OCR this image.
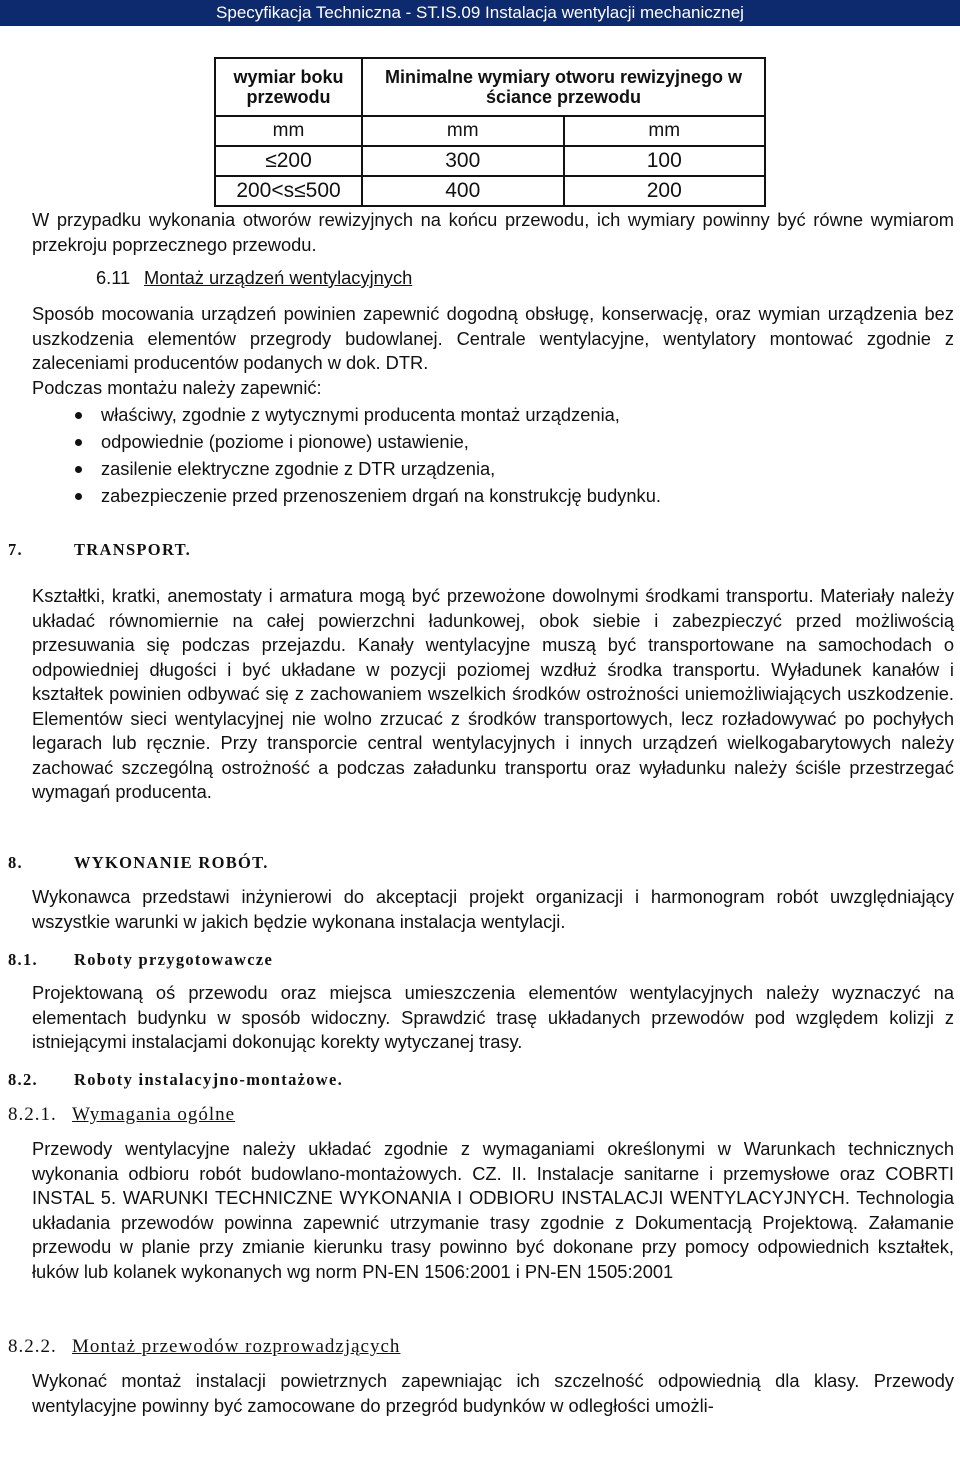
Specyfikacja Techniczna - ST.IS.09 Instalacja wentylacji mechanicznej
wymiar boku przewodu	Minimalne wymiary otworu rewizyjnego w ściance przewodu	
mm	mm	mm
≤200	300	100
200<s≤500	400	200

W przypadku wykonania otworów rewizyjnych na końcu przewodu, ich wymiary powinny być równe wymiarom przekroju poprzecznego przewodu.

6.11 Montaż urządzeń wentylacyjnych

Sposób mocowania urządzeń powinien zapewnić dogodną obsługę, konserwację, oraz wymian urządzenia bez uszkodzenia elementów przegrody budowlanej. Centrale wentylacyjne, wentylatory montować zgodnie z zaleceniami producentów podanych w dok. DTR.

Podczas montażu należy zapewnić:

właściwy, zgodnie z wytycznymi producenta montaż urządzenia,
odpowiednie (poziome i pionowe) ustawienie,
zasilenie elektryczne zgodnie z DTR urządzenia,
zabezpieczenie przed przenoszeniem drgań na konstrukcję budynku.

7.	TRANSPORT.

Kształtki, kratki, anemostaty i armatura mogą być przewożone dowolnymi środkami transportu. Materiały należy układać równomiernie na całej powierzchni ładunkowej, obok siebie i zabezpieczyć przed możliwością przesuwania się podczas przejazdu. Kanały wentylacyjne muszą być transportowane na samochodach o odpowiedniej długości i być układane w pozycji poziomej wzdłuż środka transportu. Wyładunek kanałów i kształtek powinien odbywać się z zachowaniem wszelkich środków ostrożności uniemożliwiających uszkodzenie. Elementów sieci wentylacyjnej nie wolno zrzucać z środków transportowych, lecz rozładowywać po pochyłych legarach lub ręcznie. Przy transporcie central wentylacyjnych i innych urządzeń wielkogabarytowych należy zachować szczególną ostrożność a podczas załadunku transportu oraz wyładunku należy ściśle przestrzegać wymagań producenta.

8.	WYKONANIE ROBÓT.

Wykonawca przedstawi inżynierowi do akceptacji projekt organizacji i harmonogram robót uwzględniający wszystkie warunki w jakich będzie wykonana instalacja wentylacji.

8.1. Roboty przygotowawcze

Projektowaną oś przewodu oraz miejsca umieszczenia elementów wentylacyjnych należy wyznaczyć na elementach budynku w sposób widoczny. Sprawdzić trasę układanych przewodów pod względem kolizji z istniejącymi instalacjami dokonując korekty wytyczanej trasy.

8.2. Roboty instalacyjno-montażowe.

8.2.1. Wymagania ogólne

Przewody wentylacyjne należy układać zgodnie z wymaganiami określonymi w Warunkach technicznych wykonania odbioru robót budowlano-montażowych. CZ. II. Instalacje sanitarne i przemysłowe oraz COBRTI INSTAL 5. WARUNKI TECHNICZNE WYKONANIA I ODBIORU INSTALACJI WENTYLACYJNYCH. Technologia układania przewodów powinna zapewnić utrzymanie trasy zgodnie z Dokumentacją Projektową. Załamanie przewodu w planie przy zmianie kierunku trasy powinno być dokonane przy pomocy odpowiednich kształtek, łuków lub kolanek wykonanych wg norm PN-EN 1506:2001 i PN-EN 1505:2001

8.2.2. Montaż przewodów rozprowadzjących

Wykonać montaż instalacji powietrznych zapewniając ich szczelność odpowiednią dla klasy. Przewody wentylacyjne powinny być zamocowane do przegród budynków w odległości umożli-
